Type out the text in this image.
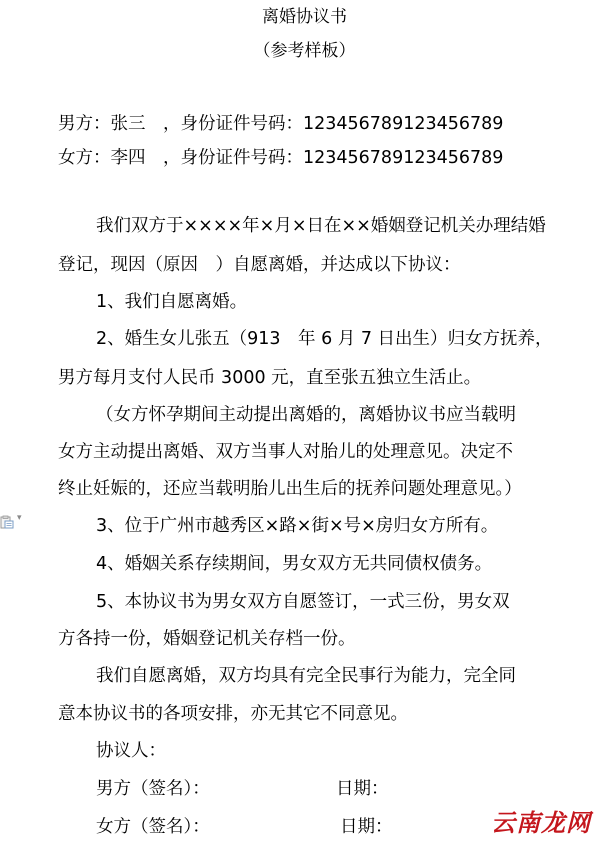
离婚协议书
（参考样板）
男方：张三　，身份证件号码：123456789123456789
女方：李四　，身份证件号码：123456789123456789
我们双方于××××年×月×日在××婚姻登记机关办理结婚
登记，现因（原因　）自愿离婚，并达成以下协议：
1、我们自愿离婚。
2、婚生女儿张五（913　年 6 月 7 日出生）归女方抚养，
男方每月支付人民币 3000 元，直至张五独立生活止。
（女方怀孕期间主动提出离婚的，离婚协议书应当载明
女方主动提出离婚、双方当事人对胎儿的处理意见。决定不
终止妊娠的，还应当载明胎儿出生后的抚养问题处理意见。）
▾	3、位于广州市越秀区×路×街×号×房归女方所有。
4、婚姻关系存续期间，男女双方无共同债权债务。
5、本协议书为男女双方自愿签订，一式三份，男女双
方各持一份，婚姻登记机关存档一份。
我们自愿离婚，双方均具有完全民事行为能力，完全同
意本协议书的各项安排，亦无其它不同意见。
协议人：
男方（签名）：	日期：
女方（签名）：	日期：	云南龙网
